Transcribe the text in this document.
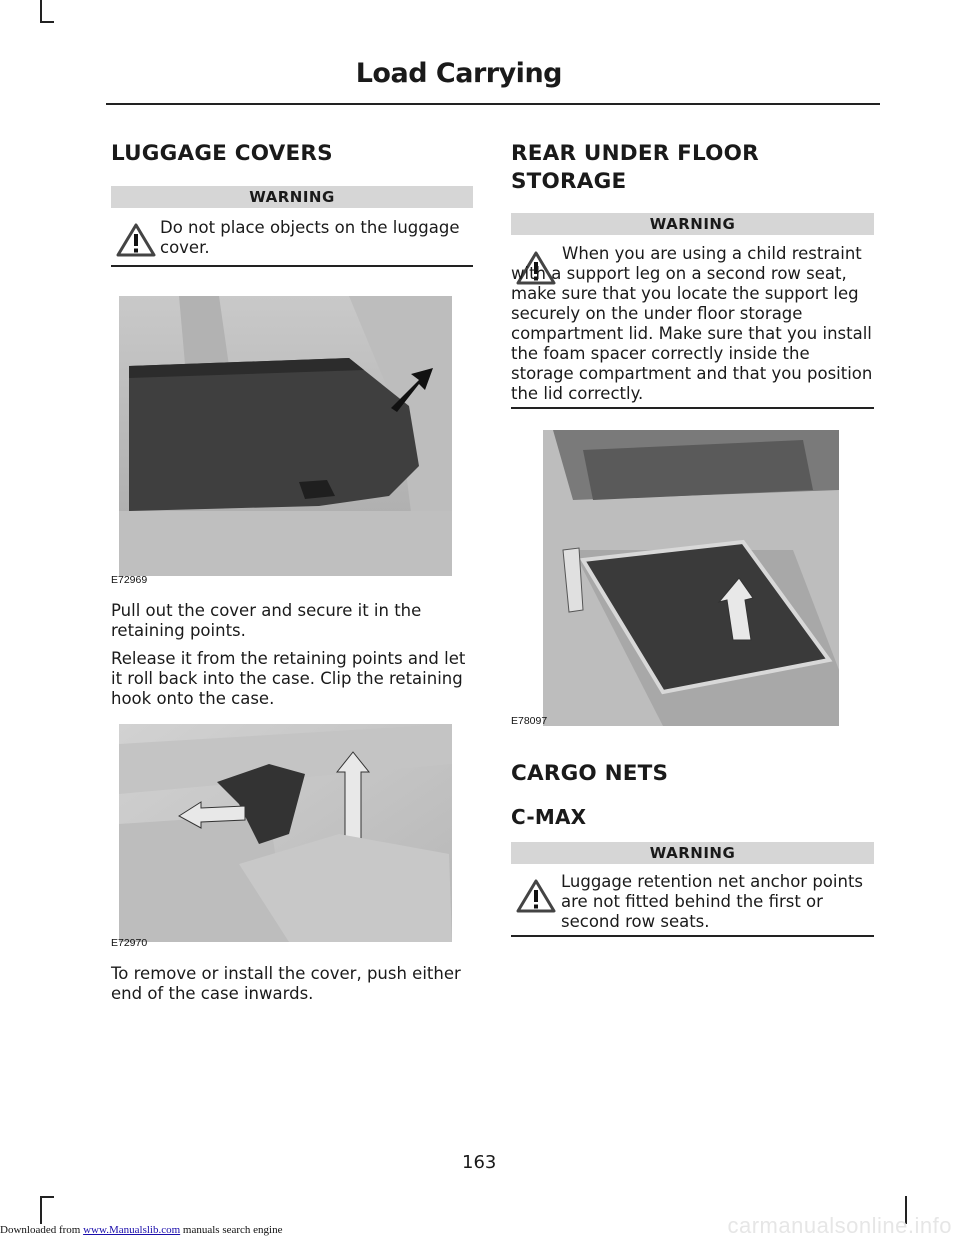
Load Carrying
LUGGAGE COVERS
WARNING
Do not place objects on the luggage cover.
E72969

Pull out the cover and secure it in the retaining points.

Release it from the retaining points and let it roll back into the case. Clip the retaining hook onto the case.

E72970

To remove or install the cover, push either end of the case inwards.

REAR UNDER FLOOR
STORAGE
WARNING
When you are using a child restraint with a support leg on a second row seat, make sure that you locate the support leg securely on the under floor storage compartment lid. Make sure that you install the foam spacer correctly inside the storage compartment and that you position the lid correctly.
E78097
CARGO NETS
C-MAX
WARNING
Luggage retention net anchor points are not fitted behind the first or second row seats.
163
Downloaded from www.Manualslib.com manuals search engine	carmanualsonline.info
